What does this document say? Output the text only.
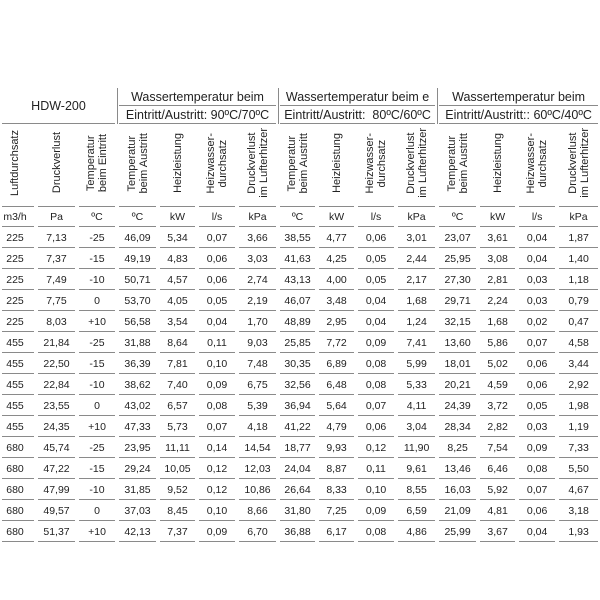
HDW-200			Wassertemperatur beim				Wassertemperatur beim e				Wassertemperatur beim			
			Eintritt/Austritt: 90ºC/70ºC				Eintritt/Austritt:  80ºC/60ºC				Eintritt/Austritt:: 60ºC/40ºC			

Luftdurchsatz	Druckverlust	Temperatur beim Eintritt	Temperatur beim Austritt	Heizleistung	Heizwasser- durchsatz	Druckverlust im Lufterhitzer	Temperatur beim Austritt	Heizleistung	Heizwasser- durchsatz	Druckverlust im Lufterhitzer	Temperatur beim Austritt	Heizleistung	Heizwasser- durchsatz	Druckverlust im Lufterhitzer

m3/h	Pa	ºC	ºC	kW	l/s	kPa	ºC	kW	l/s	kPa	ºC	kW	l/s	kPa
225	7,13	-25	46,09	5,34	0,07	3,66	38,55	4,77	0,06	3,01	23,07	3,61	0,04	1,87
225	7,37	-15	49,19	4,83	0,06	3,03	41,63	4,25	0,05	2,44	25,95	3,08	0,04	1,40
225	7,49	-10	50,71	4,57	0,06	2,74	43,13	4,00	0,05	2,17	27,30	2,81	0,03	1,18
225	7,75	0	53,70	4,05	0,05	2,19	46,07	3,48	0,04	1,68	29,71	2,24	0,03	0,79
225	8,03	+10	56,58	3,54	0,04	1,70	48,89	2,95	0,04	1,24	32,15	1,68	0,02	0,47
455	21,84	-25	31,88	8,64	0,11	9,03	25,85	7,72	0,09	7,41	13,60	5,86	0,07	4,58
455	22,50	-15	36,39	7,81	0,10	7,48	30,35	6,89	0,08	5,99	18,01	5,02	0,06	3,44
455	22,84	-10	38,62	7,40	0,09	6,75	32,56	6,48	0,08	5,33	20,21	4,59	0,06	2,92
455	23,55	0	43,02	6,57	0,08	5,39	36,94	5,64	0,07	4,11	24,39	3,72	0,05	1,98
455	24,35	+10	47,33	5,73	0,07	4,18	41,22	4,79	0,06	3,04	28,34	2,82	0,03	1,19
680	45,74	-25	23,95	11,11	0,14	14,54	18,77	9,93	0,12	11,90	8,25	7,54	0,09	7,33
680	47,22	-15	29,24	10,05	0,12	12,03	24,04	8,87	0,11	9,61	13,46	6,46	0,08	5,50
680	47,99	-10	31,85	9,52	0,12	10,86	26,64	8,33	0,10	8,55	16,03	5,92	0,07	4,67
680	49,57	0	37,03	8,45	0,10	8,66	31,80	7,25	0,09	6,59	21,09	4,81	0,06	3,18
680	51,37	+10	42,13	7,37	0,09	6,70	36,88	6,17	0,08	4,86	25,99	3,67	0,04	1,93
